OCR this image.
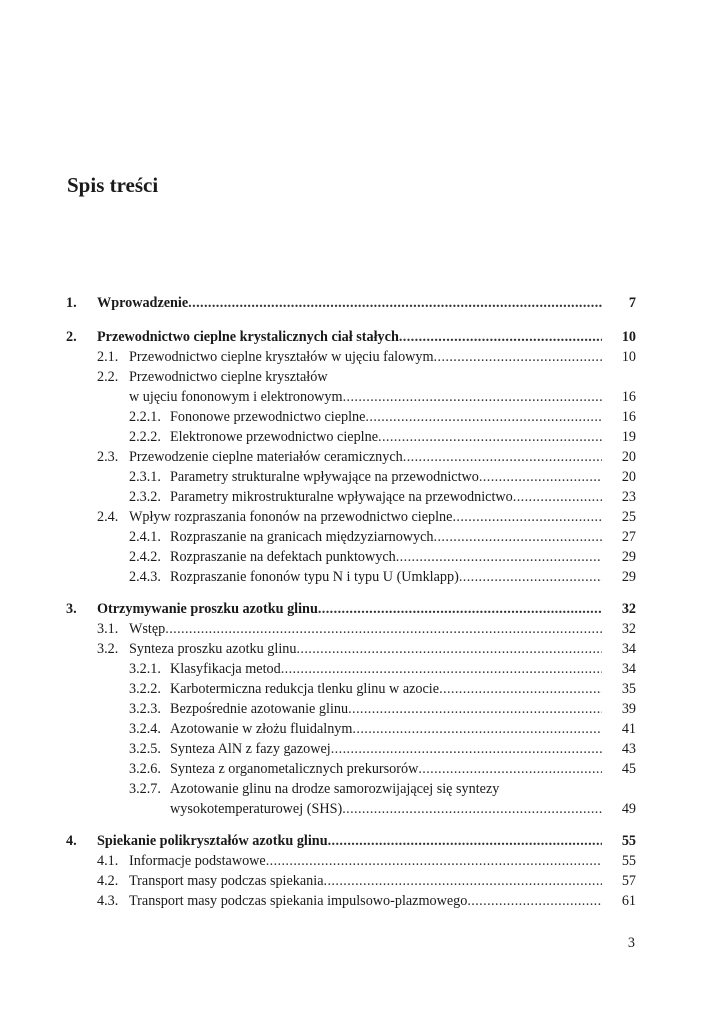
Spis treści
1. Wprowadzenie .....	7
2. Przewodnictwo cieplne krystalicznych ciał stałych .....	10
2.1. Przewodnictwo cieplne kryształów w ujęciu falowym .....	10
2.2. Przewodnictwo cieplne kryształów
w ujęciu fononowym i elektronowym .....	16
2.2.1. Fononowe przewodnictwo cieplne .....	16
2.2.2. Elektronowe przewodnictwo cieplne .....	19
2.3. Przewodzenie cieplne materiałów ceramicznych .....	20
2.3.1. Parametry strukturalne wpływające na przewodnictwo .....	20
2.3.2. Parametry mikrostrukturalne wpływające na przewodnictwo .....	23
2.4. Wpływ rozpraszania fononów na przewodnictwo cieplne .....	25
2.4.1. Rozpraszanie na granicach międzyziarnowych .....	27
2.4.2. Rozpraszanie na defektach punktowych .....	29
2.4.3. Rozpraszanie fononów typu N i typu U (Umklapp) .....	29
3. Otrzymywanie proszku azotku glinu .....	32
3.1. Wstęp .....	32
3.2. Synteza proszku azotku glinu .....	34
3.2.1. Klasyfikacja metod .....	34
3.2.2. Karbotermiczna redukcja tlenku glinu w azocie .....	35
3.2.3. Bezpośrednie azotowanie glinu .....	39
3.2.4. Azotowanie w złożu fluidalnym .....	41
3.2.5. Synteza AlN z fazy gazowej .....	43
3.2.6. Synteza z organometalicznych prekursorów .....	45
3.2.7. Azotowanie glinu na drodze samorozwijającej się syntezy
wysokotemperaturowej (SHS) .....	49
4. Spiekanie polikryształów azotku glinu .....	55
4.1. Informacje podstawowe .....	55
4.2. Transport masy podczas spiekania .....	57
4.3. Transport masy podczas spiekania impulsowo-plazmowego .....	61
3
